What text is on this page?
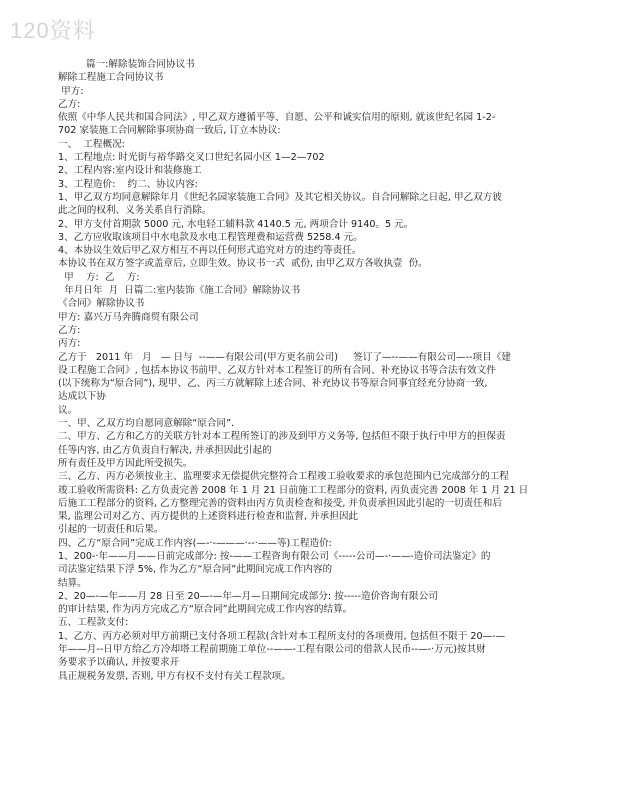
120资料
篇一:解除装饰合同协议书
解除工程施工合同协议书
甲方:
乙方:
依照《中华人民共和国合同法》, 甲乙双方遵循平等、自愿、公平和诚实信用的原则, 就该世纪名园 1-2-
702 家装施工合同解除事项协商一致后, 订立本协议:
一、  工程概况:
1、工程地点: 时光街与裕华路交叉口世纪名园小区 1—2—702
2、工程内容:室内设计和装修施工
3、工程造价:    约二、协议内容:
1、甲乙双方均同意解除年月《世纪名园家装施工合同》及其它相关协议。自合同解除之日起, 甲乙双方彼
此之间的权利、义务关系自行消除。
2、甲方支付首期款 5000 元, 水电轻工辅料款 4140.5 元, 两项合计 9140。5 元。
3、乙方应收取该项目中水电款及水电工程管理费和运营费 5258.4 元。
4、本协议生效后甲乙双方相互不再以任何形式追究对方的违约等责任。
本协议书在双方签字或盖章后, 立即生效。协议书一式  贰份, 由甲乙双方各收执壹  份。
甲    方:  乙    方:
年月日年  月  日篇二:室内装饰《施工合同》解除协议书
《合同》解除协议书
甲方: 嘉兴万马奔腾商贸有限公司
乙方:
丙方:
乙方于   2011 年   月   — 日与  --——有限公司(甲方更名前公司)     签订了—--——有限公司—--项目《建
设工程施工合同》, 包括本协议书前甲、乙双方针对本工程签订的所有合同、补充协议书等合法有效文件
(以下统称为“原合同”), 现甲、乙、丙三方就解除上述合同、补充协议书等原合同事宜经充分协商一致,
达成以下协
议。
一、甲、乙双方均自愿同意解除“原合同”.
二、甲方、乙方和乙方的关联方针对本工程所签订的涉及到甲方义务等, 包括但不限于执行中甲方的担保责
任等内容, 由乙方负责自行解决, 并承担因此引起的
所有责任及甲方因此所受损失。
三、乙方、丙方必须按业主、监理要求无偿提供完整符合工程竣工验收要求的承包范围内已完成部分的工程
竣工验收所需资料: 乙方负责完善 2008 年 1 月 21 日前施工工程部分的资料, 丙负责完善 2008 年 1 月 21 日
后施工工程部分的资料, 乙方整理完善的资料由丙方负责检查和接受, 并负责承担因此引起的一切责任和后
果, 监理公司对乙方、丙方提供的上述资料进行检查和监督, 并承担因此
引起的一切责任和后果。
四、乙方“原合同”完成工作内容(—-·-———·--·——等)工程造价:
1、200-·年——月——日前完成部分: 按-——工程咨询有限公司《-----公司—-·——-造价司法鉴定》的
司法鉴定结果下浮 5%, 作为乙方“原合同”此期间完成工作内容的
结算。
2、20—-—年——月 28 日至 20—-—年—月—日期间完成部分: 按-----造价咨询有限公司
的审计结果, 作为丙方完成乙方“原合同”此期间完成工作内容的结算。
五、工程款支付:
1、乙方、丙方必须对甲方前期已支付各项工程款(含针对本工程所支付的各项费用, 包括但不限于 20—-—
年——月--日甲方给乙方冷却塔工程前期施工单位--——-工程有限公司的借款人民币--—-·万元)按其财
务要求予以确认, 并按要求开
具正规税务发票, 否则, 甲方有权不支付有关工程款项。
